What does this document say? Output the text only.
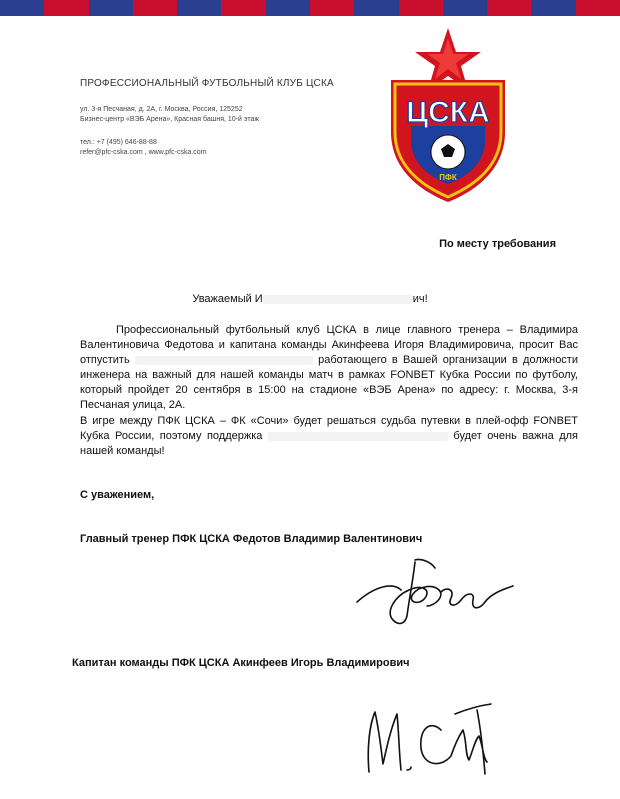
ПРОФЕССИОНАЛЬНЫЙ ФУТБОЛЬНЫЙ КЛУБ ЦСКА
ул. 3-я Песчаная, д. 2А, г. Москва, Россия, 125252
Бизнес-центр «ВЭБ Арена», Красная башня, 10-й этаж
тел.: +7 (495) 646-88-88
refer@pfc-cska.com , www.pfc-cska.com
ЦСКА
ПФК
По месту требования
Уважаемый И	ич!
Профессиональный футбольный клуб ЦСКА в лице главного тренера – Владимира Валентиновича Федотова и капитана команды Акинфеева Игоря Владимировича, просит Вас отпустить	работающего в Вашей организации в должности инженера на важный для нашей команды матч в рамках FONBET Кубка России по футболу, который пройдет 20 сентября в 15:00 на стадионе «ВЭБ Арена» по адресу: г. Москва, 3-я Песчаная улица, 2А.
В игре между ПФК ЦСКА – ФК «Сочи» будет решаться судьба путевки в плей-офф FONBET Кубка России, поэтому поддержка	будет очень важна для нашей команды!
С уважением,
Главный тренер ПФК ЦСКА Федотов Владимир Валентинович
Капитан команды ПФК ЦСКА Акинфеев Игорь Владимирович
